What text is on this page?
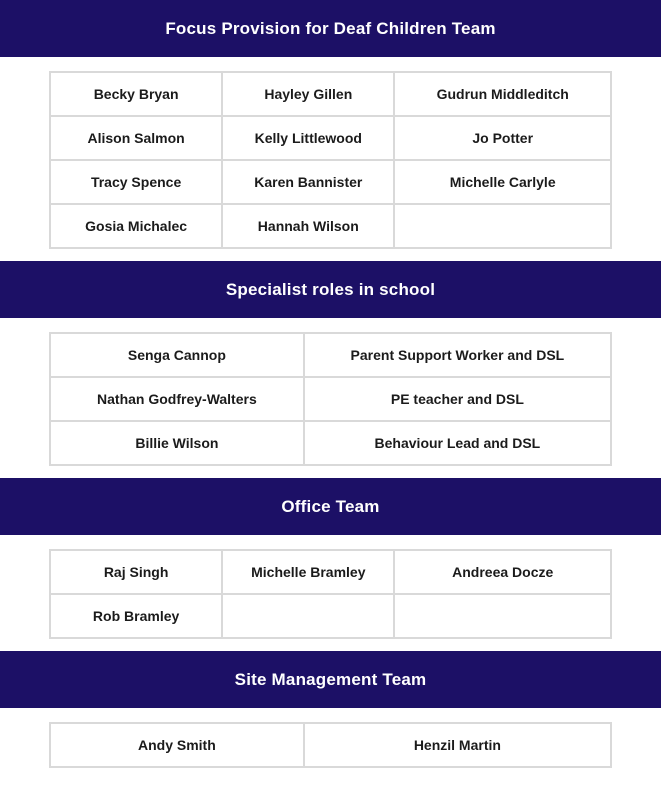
Focus Provision for Deaf Children Team
Becky Bryan	Hayley Gillen	Gudrun Middleditch
Alison Salmon	Kelly Littlewood	Jo Potter
Tracy Spence	Karen Bannister	Michelle Carlyle
Gosia Michalec	Hannah Wilson	
Specialist roles in school
Senga Cannop	Parent Support Worker and DSL
Nathan Godfrey-Walters	PE teacher and DSL
Billie Wilson	Behaviour Lead and DSL
Office Team
Raj Singh	Michelle Bramley	Andreea Docze
Rob Bramley		
Site Management Team
Andy Smith	Henzil Martin
